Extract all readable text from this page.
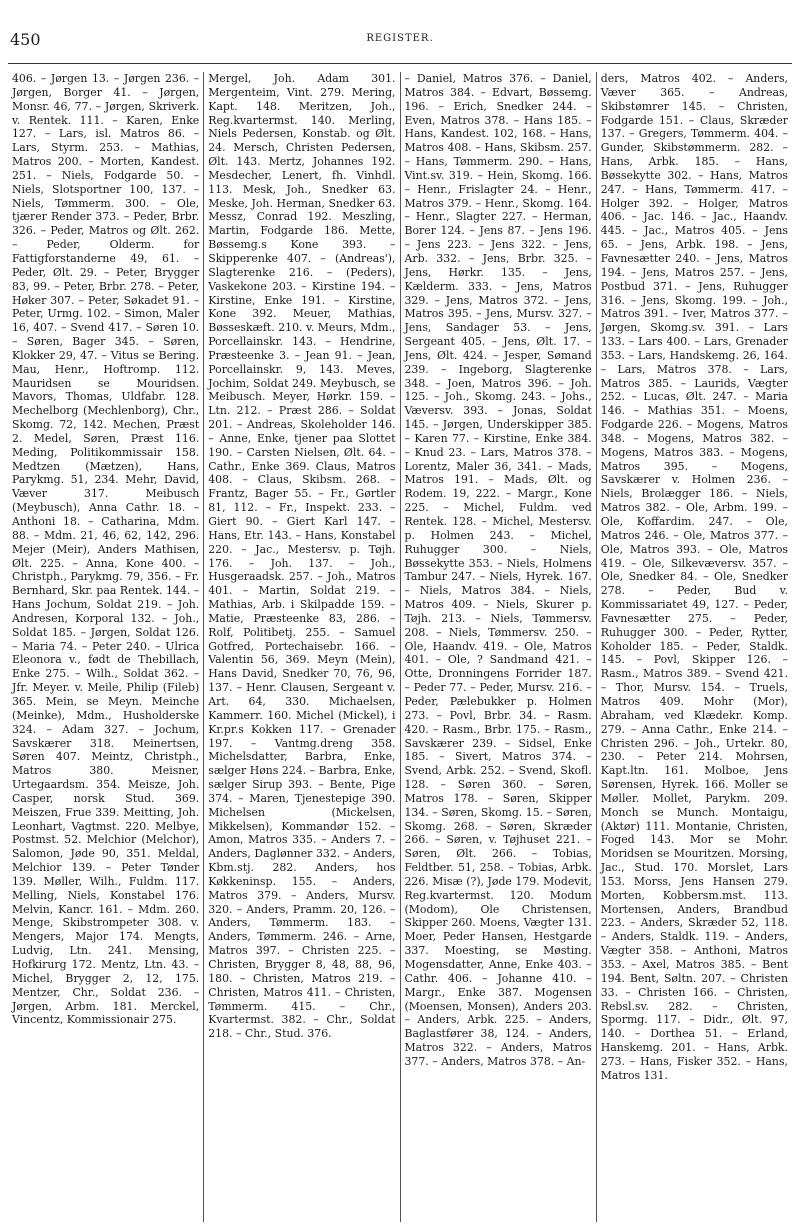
450	REGISTER.

406. – Jørgen 13. – Jørgen 236. – Jørgen, Borger 41. – Jørgen, Monsr. 46, 77. – Jørgen, Skriverk. v. Rentek. 111. – Karen, Enke 127. – Lars, isl. Matros 86. – Lars, Styrm. 253. – Mathias, Matros 200. – Morten, Kandest. 251. – Niels, Fodgarde 50. – Niels, Slotsportner 100, 137. – Niels, Tømmerm. 300. – Ole, tjærer Render 373. – Peder, Brbr. 326. – Peder, Matros og Ølt. 262. – Peder, Olderm. for Fattigforstanderne 49, 61. – Peder, Ølt. 29. – Peter, Brygger 83, 99. – Peter, Brbr. 278. – Peter, Høker 307. – Peter, Søkadet 91. – Peter, Urmg. 102. – Simon, Maler 16, 407. – Svend 417. – Søren 10. – Søren, Bager 345. – Søren, Klokker 29, 47. – Vitus se Bering. Mau, Henr., Hoftromp. 112. Mauridsen se Mouridsen. Mavors, Thomas, Uldfabr. 128. Mechelborg (Mechlenborg), Chr., Skomg. 72, 142. Mechen, Præst 2. Medel, Søren, Præst 116. Meding, Politikommissair 158. Medtzen (Mætzen), Hans, Parykmg. 51, 234. Mehr, David, Væver 317. Meibusch (Meybusch), Anna Cathr. 18. – Anthoni 18. – Catharina, Mdm. 88. – Mdm. 21, 46, 62, 142, 296. Mejer (Meir), Anders Mathisen, Ølt. 225. – Anna, Kone 400. – Christph., Parykmg. 79, 356. – Fr. Bernhard, Skr. paa Rentek. 144. – Hans Jochum, Soldat 219. – Joh. Andresen, Korporal 132. – Joh., Soldat 185. – Jørgen, Soldat 126. – Maria 74. – Peter 240. – Ulrica Eleonora v., født de Thebillach, Enke 275. – Wilh., Soldat 362. – Jfr. Meyer. v. Meile, Philip (Fileb) 365. Mein, se Meyn. Meinche (Meinke), Mdm., Husholderske 324. – Adam 327. – Jochum, Savskærer 318. Meinertsen, Søren 407. Meintz, Christph., Matros 380. Meisner, Urtegaardsm. 354. Meisze, Joh. Casper, norsk Stud. 369. Meiszen, Frue 339. Meitting, Joh. Leonhart, Vagtmst. 220. Melbye, Postmst. 52. Melchior (Melchor), Salomon, Jøde 90, 351. Meldal, Melchior 139. – Peter Tønder 139. Møller, Wilh., Fuldm. 117. Melling, Niels, Konstabel 176. Melvin, Kancr. 161. – Mdm. 260. Menge, Skibstrompeter 308. v. Mengers, Major 174. Mengts, Ludvig, Ltn. 241. Mensing, Hofkirurg 172. Mentz, Ltn. 43. – Michel, Brygger 2, 12, 175. Mentzer, Chr., Soldat 236. – Jørgen, Arbm. 181. Merckel, Vincentz, Kommissionair 275.

Mergel, Joh. Adam 301. Mergenteim, Vint. 279. Mering, Kapt. 148. Meritzen, Joh., Reg.kvartermst. 140. Merling, Niels Pedersen, Konstab. og Ølt. 24. Mersch, Christen Pedersen, Ølt. 143. Mertz, Johannes 192. Mesdecher, Lenert, fh. Vinhdl. 113. Mesk, Joh., Snedker 63. Meske, Joh. Herman, Snedker 63. Messz, Conrad 192. Meszling, Martin, Fodgarde 186. Mette, Bøssemg.s Kone 393. – Skipperenke 407. – (Andreas'), Slagterenke 216. – (Peders), Vaskekone 203. – Kirstine 194. – Kirstine, Enke 191. – Kirstine, Kone 392. Meuer, Mathias, Bøsseskæft. 210. v. Meurs, Mdm., Porcellainskr. 143. – Hendrine, Præsteenke 3. – Jean 91. – Jean, Porcellainskr. 9, 143. Meves, Jochim, Soldat 249. Meybusch, se Meibusch. Meyer, Hørkr. 159. – Ltn. 212. – Præst 286. – Soldat 201. – Andreas, Skoleholder 146. – Anne, Enke, tjener paa Slottet 190. – Carsten Nielsen, Ølt. 64. – Cathr., Enke 369. Claus, Matros 408. – Claus, Skibsm. 268. – Frantz, Bager 55. – Fr., Gørtler 81, 112. – Fr., Inspekt. 233. – Giert 90. – Giert Karl 147. – Hans, Etr. 143. – Hans, Konstabel 220. – Jac., Mestersv. p. Tøjh. 176. – Joh. 137. – Joh., Husgeraadsk. 257. – Joh., Matros 401. – Martin, Soldat 219. – Mathias, Arb. i Skilpadde 159. – Matie, Præsteenke 83, 286. – Rolf, Politibetj. 255. – Samuel Gotfred, Portechaisebr. 166. – Valentin 56, 369. Meyn (Mein), Hans David, Snedker 70, 76, 96, 137. – Henr. Clausen, Sergeant v. Art. 64, 330. Michaelsen, Kammerr. 160. Michel (Mickel), i Kr.pr.s Kokken 117. – Grenader 197. – Vantmg.dreng 358. Michelsdatter, Barbra, Enke, sælger Høns 224. – Barbra, Enke, sælger Sirup 393. – Bente, Pige 374. – Maren, Tjenestepige 390. Michelsen (Mickelsen, Mikkelsen), Kommandør 152. – Amon, Matros 335. – Anders 7. – Anders, Daglønner 332. – Anders, Kbm.stj. 282. Anders, hos Køkkeninsp. 155. – Anders, Matros 379. – Anders, Mursv. 320. – Anders, Pramm. 20, 126. – Anders, Tømmerm. 183. – Anders, Tømmerm. 246. – Arne, Matros 397. – Christen 225. – Christen, Brygger 8, 48, 88, 96, 180. – Christen, Matros 219. – Christen, Matros 411. – Christen, Tømmerm. 415. – Chr., Kvartermst. 382. – Chr., Soldat 218. – Chr., Stud. 376.

– Daniel, Matros 376. – Daniel, Matros 384. – Edvart, Bøssemg. 196. – Erich, Snedker 244. – Even, Matros 378. – Hans 185. – Hans, Kandest. 102, 168. – Hans, Matros 408. – Hans, Skibsm. 257. – Hans, Tømmerm. 290. – Hans, Vint.sv. 319. – Hein, Skomg. 166. – Henr., Frislagter 24. – Henr., Matros 379. – Henr., Skomg. 164. – Henr., Slagter 227. – Herman, Borer 124. – Jens 87. – Jens 196. – Jens 223. – Jens 322. – Jens, Arb. 332. – Jens, Brbr. 325. – Jens, Hørkr. 135. – Jens, Kælderm. 333. – Jens, Matros 329. – Jens, Matros 372. – Jens, Matros 395. – Jens, Mursv. 327. – Jens, Sandager 53. – Jens, Sergeant 405. – Jens, Ølt. 17. – Jens, Ølt. 424. – Jesper, Sømand 239. – Ingeborg, Slagterenke 348. – Joen, Matros 396. – Joh. 125. – Joh., Skomg. 243. – Johs., Væversv. 393. – Jonas, Soldat 145. – Jørgen, Underskipper 385. – Karen 77. – Kirstine, Enke 384. – Knud 23. – Lars, Matros 378. – Lorentz, Maler 36, 341. – Mads, Matros 191. – Mads, Ølt. og Rodem. 19, 222. – Margr., Kone 225. – Michel, Fuldm. ved Rentek. 128. – Michel, Mestersv. p. Holmen 243. – Michel, Ruhugger 300. – Niels, Bøssekytte 353. – Niels, Holmens Tambur 247. – Niels, Hyrek. 167. – Niels, Matros 384. – Niels, Matros 409. – Niels, Skurer p. Tøjh. 213. – Niels, Tømmersv. 208. – Niels, Tømmersv. 250. – Ole, Haandv. 419. – Ole, Matros 401. – Ole, ? Sandmand 421. – Otte, Dronningens Forrider 187. – Peder 77. – Peder, Mursv. 216. – Peder, Pælebukker p. Holmen 273. – Povl, Brbr. 34. – Rasm. 420. – Rasm., Brbr. 175. – Rasm., Savskærer 239. – Sidsel, Enke 185. – Sivert, Matros 374. – Svend, Arbk. 252. – Svend, Skofl. 128. – Søren 360. – Søren, Matros 178. – Søren, Skipper 134. – Søren, Skomg. 15. – Søren, Skomg. 268. – Søren, Skræder 266. – Søren, v. Tøjhuset 221. – Søren, Ølt. 266. – Tobias, Feldtber. 51, 258. – Tobias, Arbk. 226. Misæ (?), Jøde 179. Modevit, Reg.kvartermst. 120. Modum (Modom), Ole Christensen, Skipper 260. Moens, Vægter 131. Moer, Peder Hansen, Hestgarde 337. Moesting, se Møsting. Mogensdatter, Anne, Enke 403. – Cathr. 406. – Johanne 410. – Margr., Enke 387. Mogensen (Moensen, Monsen), Anders 203. – Anders, Arbk. 225. – Anders, Baglastfører 38, 124. – Anders, Matros 322. – Anders, Matros 377. – Anders, Matros 378. – An-

ders, Matros 402. – Anders, Væver 365. – Andreas, Skibstømrer 145. – Christen, Fodgarde 151. – Claus, Skræder 137. – Gregers, Tømmerm. 404. – Gunder, Skibstømmerm. 282. – Hans, Arbk. 185. – Hans, Bøssekytte 302. – Hans, Matros 247. – Hans, Tømmerm. 417. – Holger 392. – Holger, Matros 406. – Jac. 146. – Jac., Haandv. 445. – Jac., Matros 405. – Jens 65. – Jens, Arbk. 198. – Jens, Favnesætter 240. – Jens, Matros 194. – Jens, Matros 257. – Jens, Postbud 371. – Jens, Ruhugger 316. – Jens, Skomg. 199. – Joh., Matros 391. – Iver, Matros 377. – Jørgen, Skomg.sv. 391. – Lars 133. – Lars 400. – Lars, Grenader 353. – Lars, Handskemg. 26, 164. – Lars, Matros 378. – Lars, Matros 385. – Laurids, Vægter 252. – Lucas, Ølt. 247. – Maria 146. – Mathias 351. – Moens, Fodgarde 226. – Mogens, Matros 348. – Mogens, Matros 382. – Mogens, Matros 383. – Mogens, Matros 395. – Mogens, Savskærer v. Holmen 236. – Niels, Brolægger 186. – Niels, Matros 382. – Ole, Arbm. 199. – Ole, Koffardim. 247. – Ole, Matros 246. – Ole, Matros 377. – Ole, Matros 393. – Ole, Matros 419. – Ole, Silkevæversv. 357. – Ole, Snedker 84. – Ole, Snedker 278. – Peder, Bud v. Kommissariatet 49, 127. – Peder, Favnesætter 275. – Peder, Ruhugger 300. – Peder, Rytter, Koholder 185. – Peder, Staldk. 145. – Povl, Skipper 126. – Rasm., Matros 389. – Svend 421. – Thor, Mursv. 154. – Truels, Matros 409. Mohr (Mor), Abraham, ved Klædekr. Komp. 279. – Anna Cathr., Enke 214. – Christen 296. – Joh., Urtekr. 80, 230. – Peter 214. Mohrsen, Kapt.ltn. 161. Molboe, Jens Sørensen, Hyrek. 166. Moller se Møller. Mollet, Parykm. 209. Monch se Munch. Montaigu, (Aktør) 111. Montanie, Christen, Foged 143. Mor se Mohr. Moridsen se Mouritzen. Morsing, Jac., Stud. 170. Morslet, Lars 153. Morss, Jens Hansen 279. Morten, Kobbersm.mst. 113. Mortensen, Anders, Brandbud 223. – Anders, Skræder 52, 118. – Anders, Staldk. 119. – Anders, Vægter 358. – Anthoni, Matros 353. – Axel, Matros 385. – Bent 194. Bent, Søltn. 207. – Christen 33. – Christen 166. – Christen, Rebsl.sv. 282. – Christen, Spormg. 117. – Didr., Ølt. 97, 140. – Dorthea 51. – Erland, Hanskemg. 201. – Hans, Arbk. 273. – Hans, Fisker 352. – Hans, Matros 131.
